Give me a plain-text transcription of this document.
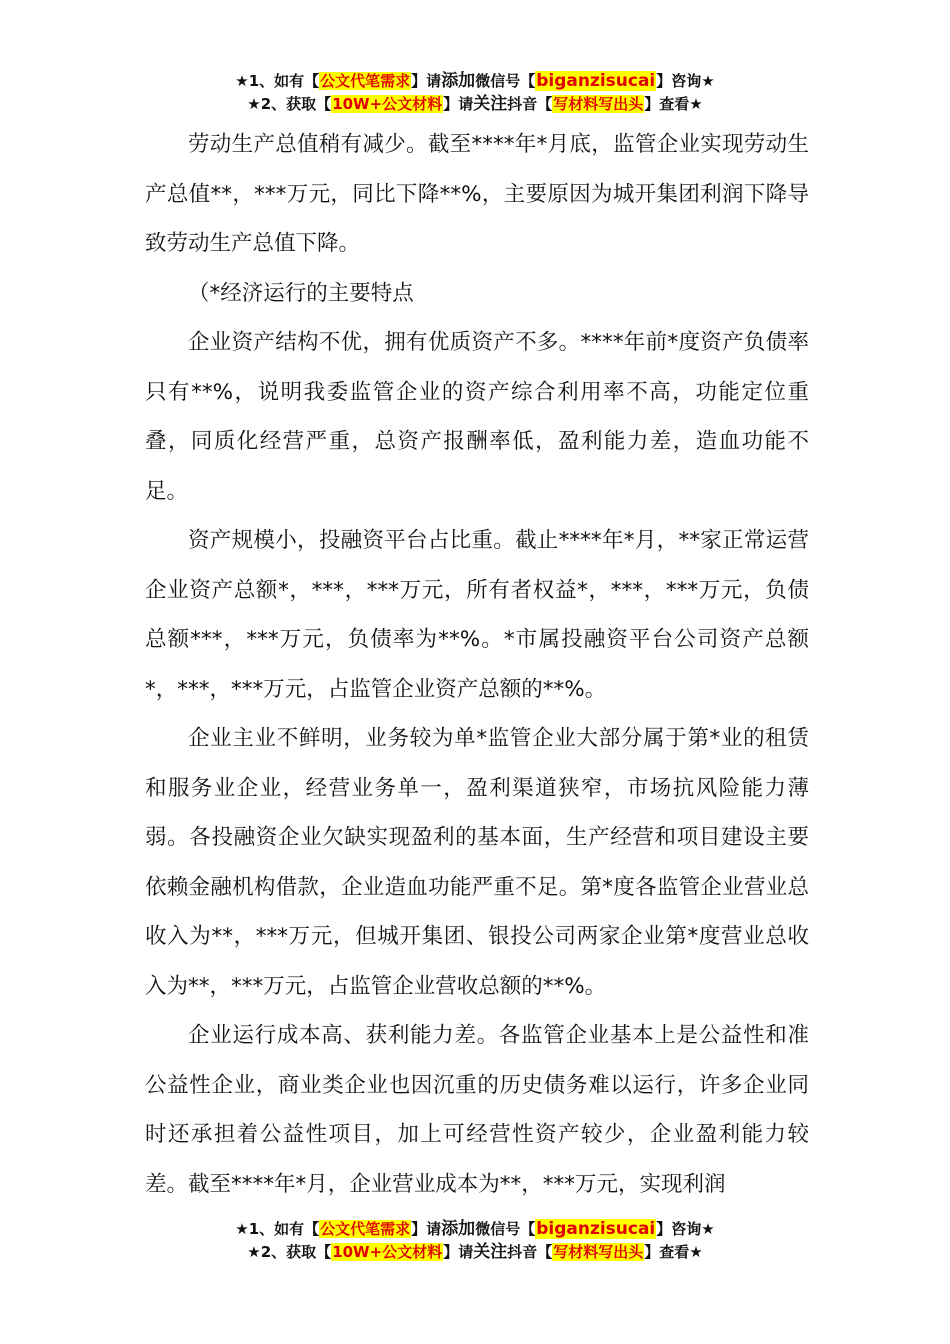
★1、如有【公文代笔需求】请添加微信号【biganzisucai】咨询★
★2、获取【10W+公文材料】请关注抖音【写材料写出头】查看★

劳动生产总值稍有减少。截至****年*月底，监管企业实现劳动生产总值**，***万元，同比下降**%，主要原因为城开集团利润下降导致劳动生产总值下降。

（*经济运行的主要特点

企业资产结构不优，拥有优质资产不多。****年前*度资产负债率只有**%，说明我委监管企业的资产综合利用率不高，功能定位重叠，同质化经营严重，总资产报酬率低，盈利能力差，造血功能不足。

资产规模小，投融资平台占比重。截止****年*月，**家正常运营企业资产总额*，***，***万元，所有者权益*，***，***万元，负债总额***，***万元，负债率为**%。*市属投融资平台公司资产总额*，***，***万元，占监管企业资产总额的**%。

企业主业不鲜明，业务较为单*监管企业大部分属于第*业的租赁和服务业企业，经营业务单一，盈利渠道狭窄，市场抗风险能力薄弱。各投融资企业欠缺实现盈利的基本面，生产经营和项目建设主要依赖金融机构借款，企业造血功能严重不足。第*度各监管企业营业总收入为**，***万元，但城开集团、银投公司两家企业第*度营业总收入为**，***万元，占监管企业营收总额的**%。

企业运行成本高、获利能力差。各监管企业基本上是公益性和准公益性企业，商业类企业也因沉重的历史债务难以运行，许多企业同时还承担着公益性项目，加上可经营性资产较少，企业盈利能力较差。截至****年*月，企业营业成本为**，***万元，实现利润

★1、如有【公文代笔需求】请添加微信号【biganzisucai】咨询★
★2、获取【10W+公文材料】请关注抖音【写材料写出头】查看★
